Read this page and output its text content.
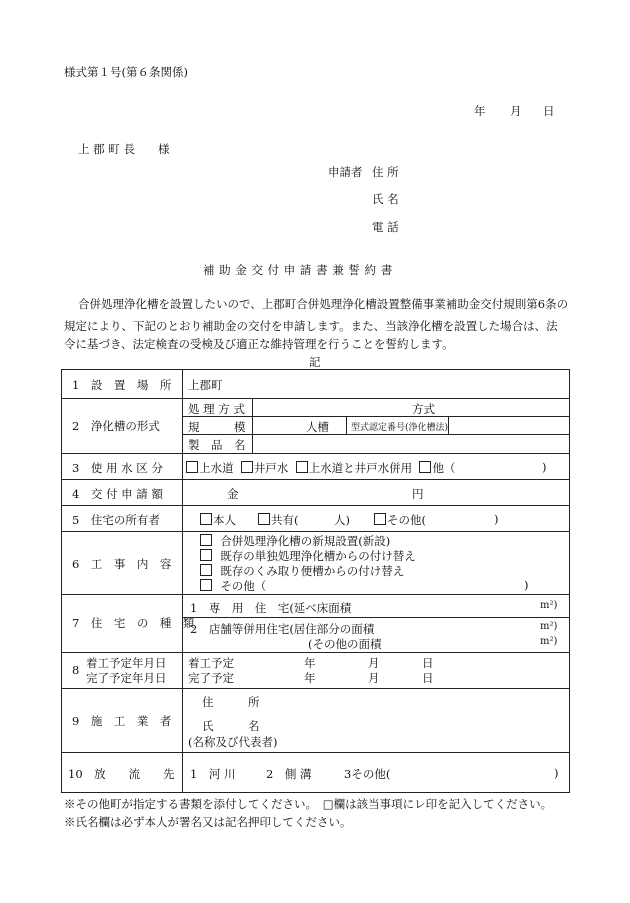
様式第１号(第６条関係)
年 月 日
上 郡 町 長　　様
申請者 住 所
氏 名
電 話
補 助 金 交 付 申 請 書 兼 誓 約 書
合併処理浄化槽を設置したいので、上郡町合併処理浄化槽設置整備事業補助金交付規則第6条の
規定により、下記のとおり補助金の交付を申請します。また、当該浄化槽を設置した場合は、法
令に基づき、法定検査の受検及び適正な維持管理を行うことを誓約します。
記
1　設　置　場　所 上郡町
2　浄化槽の形式
処 理 方 式	方式
規　　　模	人槽 型式認定番号(浄化槽法)
製　品　名
3　使 用 水 区 分	上水道 井戸水 上水道と井戸水併用 他（	)
4　交 付 申 請 額	金	円
5　住宅の所有者	本人	共有(	人)	その他(	)
6　工　事　内　容
合併処理浄化槽の新規設置(新設)
既存の単独処理浄化槽からの付け替え
既存のくみ取り便槽からの付け替え
その他（	)
7　住　宅　の　種　類
1　専　用　住　宅(延べ床面積	m²)
2　店舗等併用住宅(居住部分の面積	m²)
(その他の面積	m²)
8 着工予定年月日
完了予定年月日
着工予定	年	月	日
完了予定	年	月	日
9　施　工　業　者
住　　　所
氏　　　名
(名称及び代表者)
10　放　　流　　先 1　河 川	2　側 溝	3その他(	)
※その他町が指定する書類を添付してください。　□欄は該当事項にレ印を記入してください。
※氏名欄は必ず本人が署名又は記名押印してください。
